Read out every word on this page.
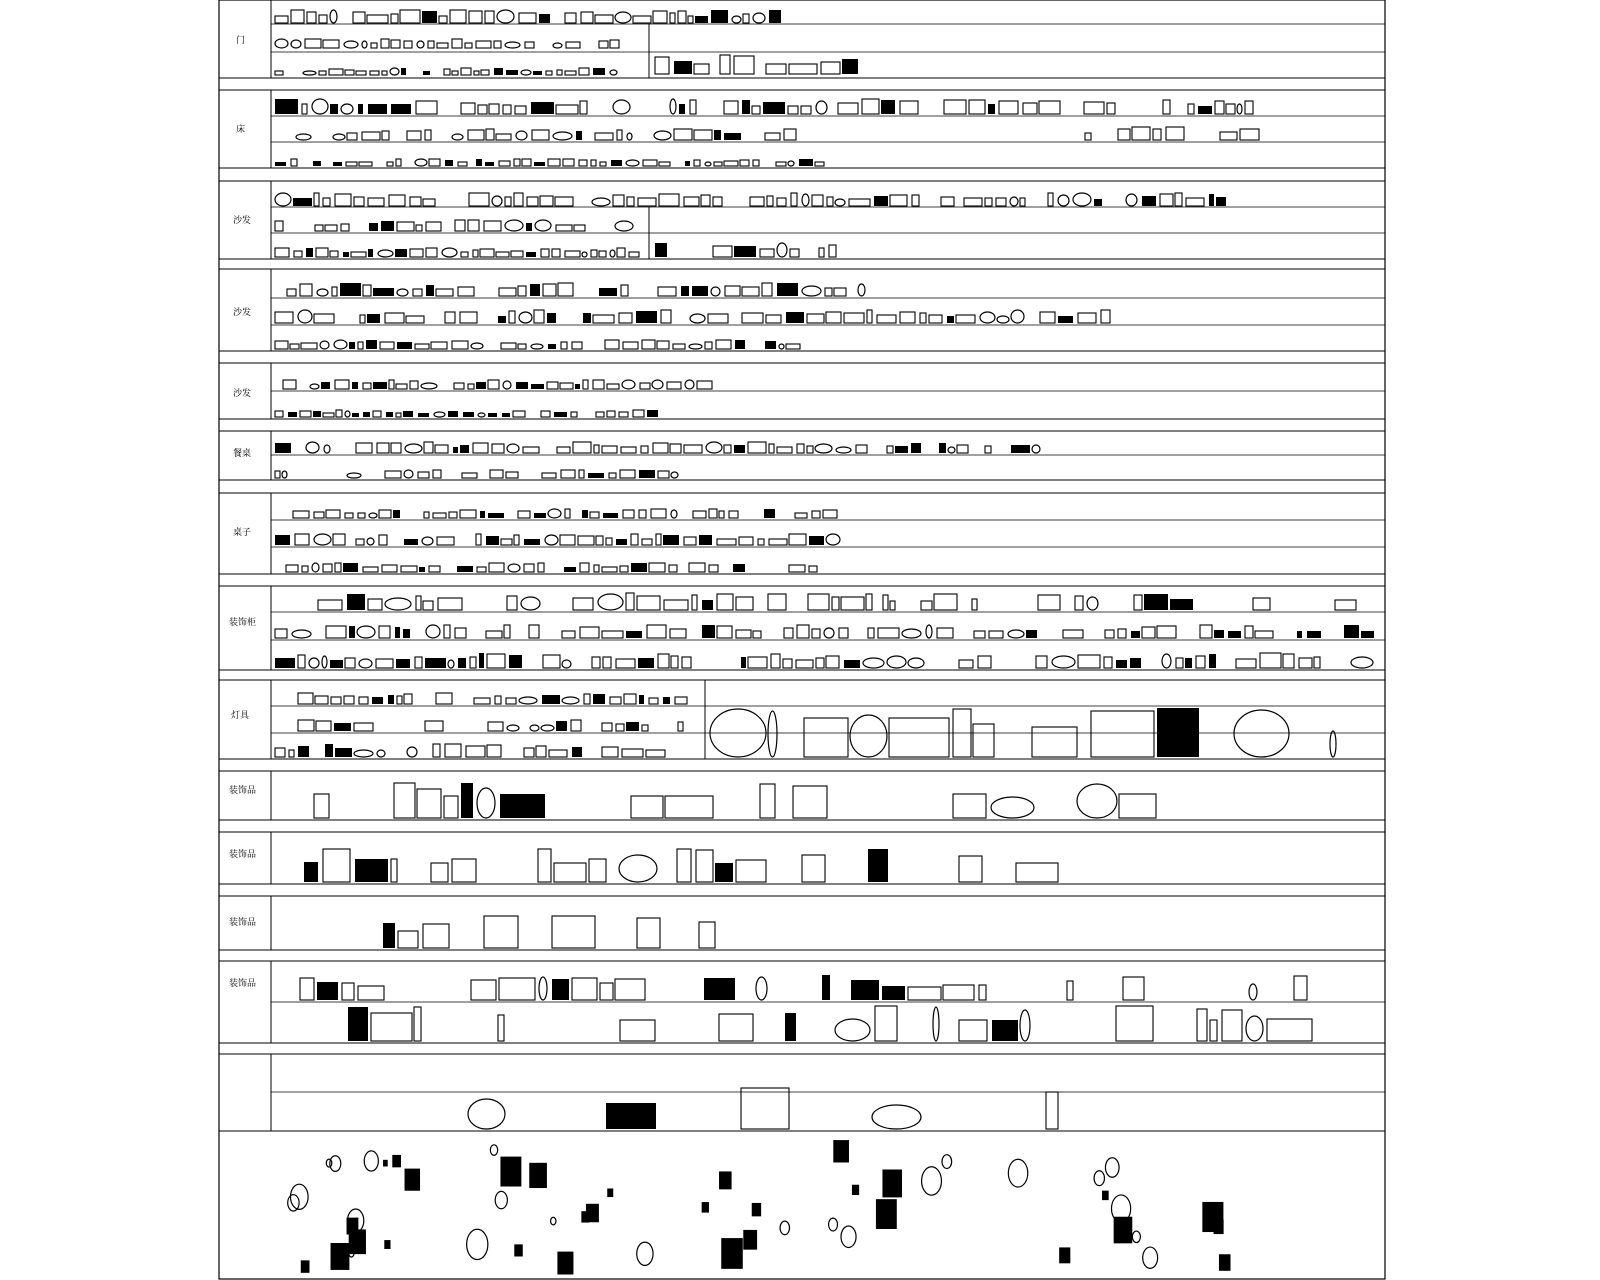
门
床
沙发
沙发
沙发
餐桌
桌子
装饰柜
灯具
装饰品
装饰品
装饰品
装饰品
